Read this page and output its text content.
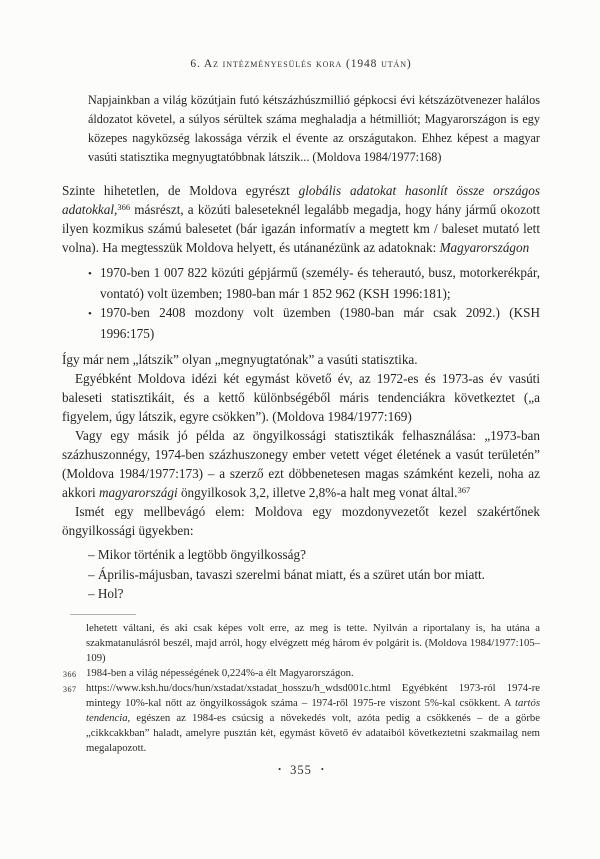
6. Az intézményesülés kora (1948 után)
Napjainkban a világ közútjain futó kétszázhúszmillió gépkocsi évi kétszázötvenezer halálos áldozatot követel, a súlyos sérültek száma meghaladja a hétmilliót; Magyarországon is egy közepes nagyközség lakossága vérzik el évente az országutakon. Ehhez képest a magyar vasúti statisztika megnyugtatóbbnak látszik... (Moldova 1984/1977:168)

Szinte hihetetlen, de Moldova egyrészt globális adatokat hasonlít össze országos adatokkal,$^{366}$ másrészt, a közúti baleseteknél legalább megadja, hogy hány jármű okozott ilyen kozmikus számú balesetet (bár igazán informatív a megtett km / baleset mutató lett volna). Ha megtesszük Moldova helyett, és utánanézünk az adatoknak: Magyarországon

• 1970-ben 1 007 822 közúti gépjármű (személy- és teherautó, busz, motorkerékpár, vontató) volt üzemben; 1980-ban már 1 852 962 (KSH 1996:181);
• 1970-ben 2408 mozdony volt üzemben (1980-ban már csak 2092.) (KSH 1996:175)

Így már nem „látszik” olyan „megnyugtatónak” a vasúti statisztika.

Egyébként Moldova idézi két egymást követő év, az 1972-es és 1973-as év vasúti baleseti statisztikáit, és a kettő különbségéből máris tendenciákra következtet („a figyelem, úgy látszik, egyre csökken”). (Moldova 1984/1977:169)

Vagy egy másik jó példa az öngyilkossági statisztikák felhasználása: „1973-ban százhuszonnégy, 1974-ben százhuszonegy ember vetett véget életének a vasút területén” (Moldova 1984/1977:173) – a szerző ezt döbbenetesen magas számként kezeli, noha az akkori magyarországi öngyilkosok 3,2, illetve 2,8%-a halt meg vonat által.$^{367}$

Ismét egy mellbevágó elem: Moldova egy mozdonyvezetőt kezel szakértőnek öngyilkossági ügyekben:

– Mikor történik a legtöbb öngyilkosság?
– Április-májusban, tavaszi szerelmi bánat miatt, és a szüret után bor miatt.
– Hol?
lehetett váltani, és aki csak képes volt erre, az meg is tette. Nyilván a riportalany is, ha utána a szakmatanulásról beszél, majd arról, hogy elvégzett még három év polgárit is. (Moldova 1984/1977:105–109)
366 1984-ben a világ népességének 0,224%-a élt Magyarországon.
367 https://www.ksh.hu/docs/hun/xstadat/xstadat_hosszu/h_wdsd001c.html Egyébként 1973-ról 1974-re mintegy 10%-kal nőtt az öngyilkosságok száma – 1974-ről 1975-re viszont 5%-kal csökkent. A tartós tendencia, egészen az 1984-es csúcsig a növekedés volt, azóta pedig a csökkenés – de a görbe „cikkcakkban” haladt, amelyre pusztán két, egymást követő év adataiból következtetni szakmailag nem megalapozott.
• 355 •
